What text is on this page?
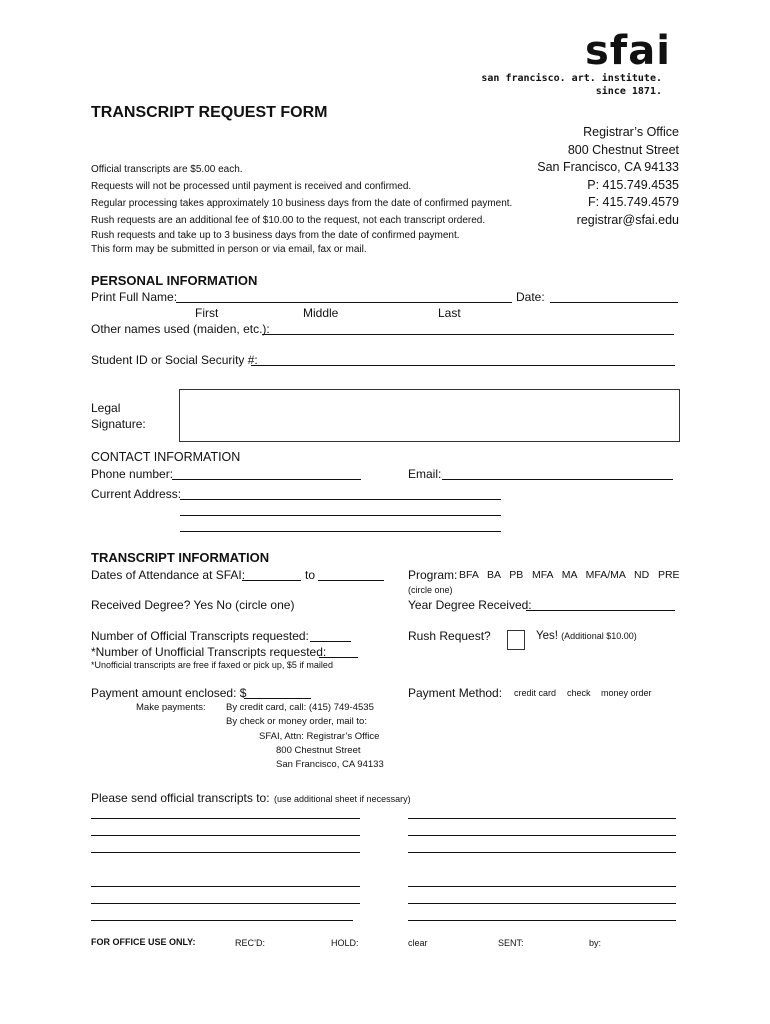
sfai
san francisco. art. institute.
since 1871.
TRANSCRIPT REQUEST FORM
Registrar’s Office
800 Chestnut Street
San Francisco, CA 94133
P: 415.749.4535
F: 415.749.4579
registrar@sfai.edu
Official transcripts are $5.00 each.
Requests will not be processed until payment is received and confirmed.
Regular processing takes approximately 10 business days from the date of confirmed payment.
Rush requests are an additional fee of $10.00 to the request, not each transcript ordered.
Rush requests and take up to 3 business days from the date of confirmed payment.
This form may be submitted in person or via email, fax or mail.
PERSONAL INFORMATION
Print Full Name:	Date:
First	Middle	Last
Other names used (maiden, etc.):
Student ID or Social Security #:
Legal
Signature:
CONTACT INFORMATION
Phone number:	Email:
Current Address:
TRANSCRIPT INFORMATION
Dates of Attendance at SFAI:	to	Program: BFA   BA   PB   MFA   MA   MFA/MA   ND   PRE
(circle one)
Received Degree? Yes No (circle one)	Year Degree Received:
Number of Official Transcripts requested:	Rush Request?	Yes! (Additional $10.00)
*Number of Unofficial Transcripts requested:
*Unofficial transcripts are free if faxed or pick up, $5 if mailed
Payment amount enclosed: $	Payment Method: credit card check money order
Make payments: By credit card, call: (415) 749-4535
By check or money order, mail to:
SFAI, Attn: Registrar’s Office
800 Chestnut Street
San Francisco, CA 94133
Please send official transcripts to: (use additional sheet if necessary)
FOR OFFICE USE ONLY:	REC’D:	HOLD:	clear	SENT:	by:
